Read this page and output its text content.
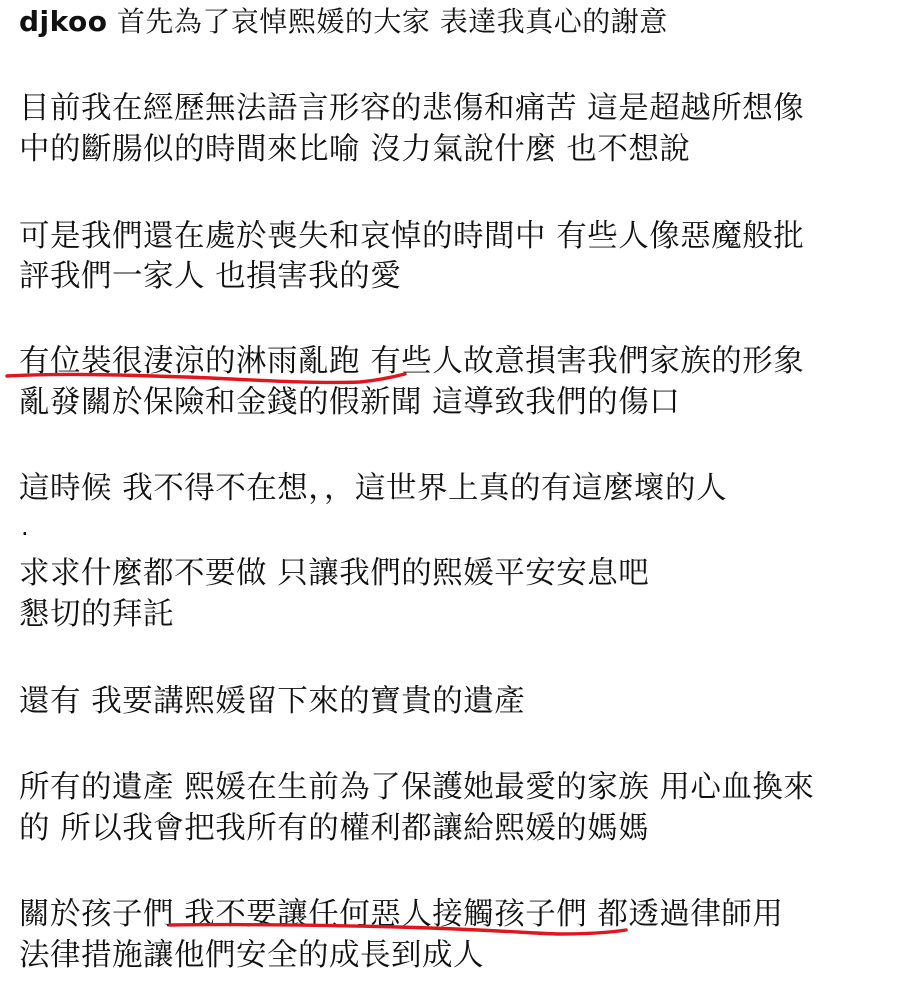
djkoo 首先為了哀悼熙媛的大家 表達我真心的謝意
目前我在經歷無法語言形容的悲傷和痛苦 這是超越所想像
中的斷腸似的時間來比喻 沒力氣說什麼 也不想說
可是我們還在處於喪失和哀悼的時間中 有些人像惡魔般批
評我們一家人 也損害我的愛
有位裝很淒涼的淋雨亂跑
有些人故意損害我們家族的形象
亂發關於保險和金錢的假新聞 這導致我們的傷口
這時候 我不得不在想，，這世界上真的有這麼壞的人
.
求求什麼都不要做 只讓我們的熙媛平安安息吧
懇切的拜託
還有 我要講熙媛留下來的寶貴的遺產
所有的遺產 熙媛在生前為了保護她最愛的家族 用心血換來
的 所以我會把我所有的權利都讓給熙媛的媽媽
關於孩子們 我不要讓任何惡人接觸孩子們
都透過律師用
法律措施讓他們安全的成長到成人
